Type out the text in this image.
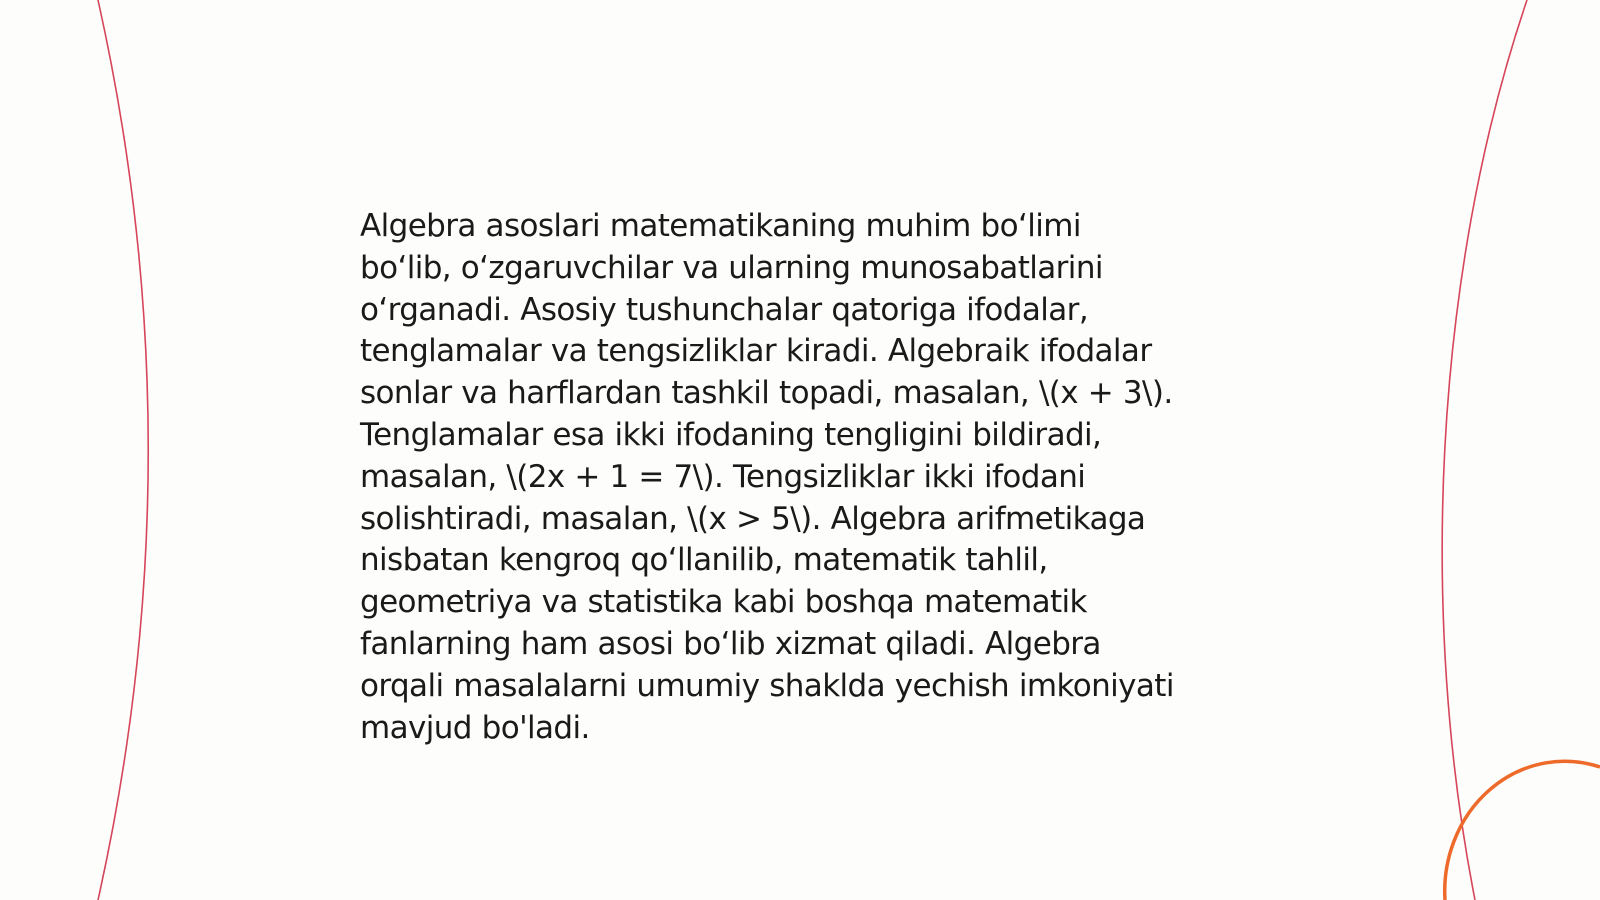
Algebra asoslari matematikaning muhim bo‘limi
bo‘lib, o‘zgaruvchilar va ularning munosabatlarini
o‘rganadi. Asosiy tushunchalar qatoriga ifodalar,
tenglamalar va tengsizliklar kiradi. Algebraik ifodalar
sonlar va harflardan tashkil topadi, masalan, \(x + 3\).
Tenglamalar esa ikki ifodaning tengligini bildiradi,
masalan, \(2x + 1 = 7\). Tengsizliklar ikki ifodani
solishtiradi, masalan, \(x > 5\). Algebra arifmetikaga
nisbatan kengroq qo‘llanilib, matematik tahlil,
geometriya va statistika kabi boshqa matematik
fanlarning ham asosi bo‘lib xizmat qiladi. Algebra
orqali masalalarni umumiy shaklda yechish imkoniyati
mavjud bo'ladi.
